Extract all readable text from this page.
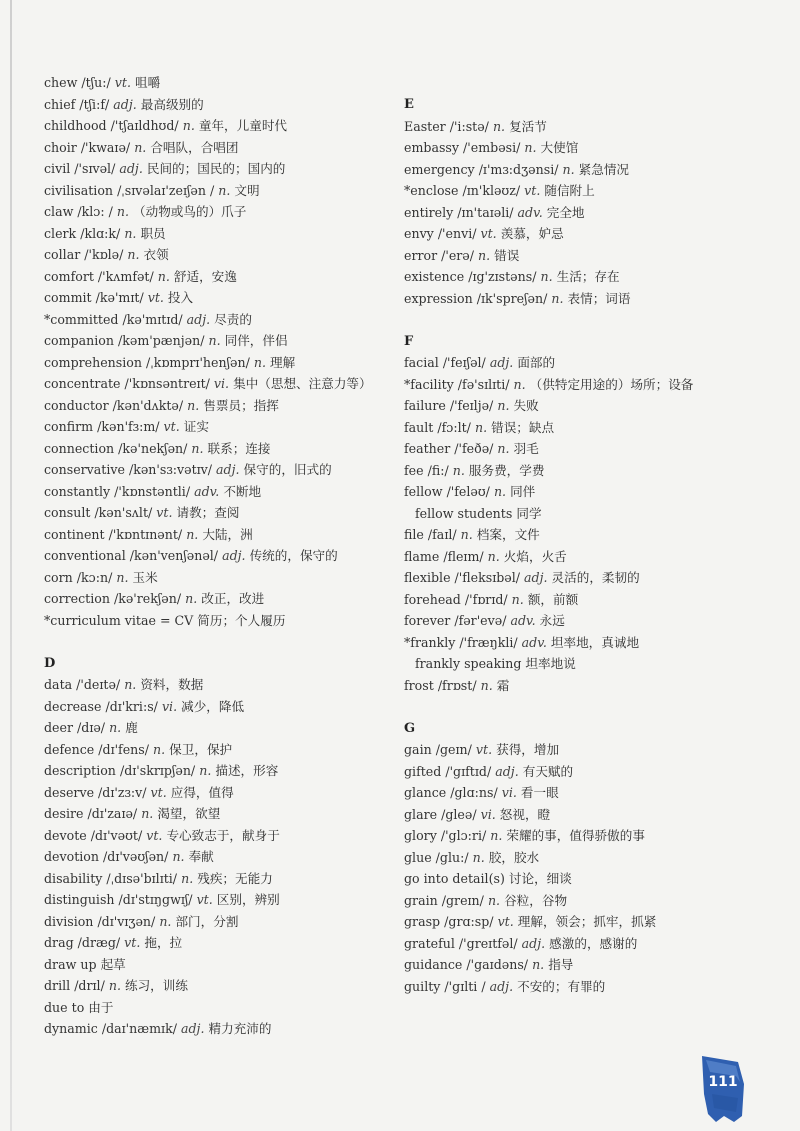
chew /tʃu:/ vt. 咀嚼
chief /tʃi:f/ adj. 最高级别的
childhood /'tʃaɪldhʊd/ n. 童年，儿童时代
choir /'kwaɪə/ n. 合唱队，合唱团
civil /'sɪvəl/ adj. 民间的；国民的；国内的
civilisation /ˌsɪvəlaɪ'zeɪʃən / n. 文明
claw /klɔ: / n. （动物或鸟的）爪子
clerk /klɑ:k/ n. 职员
collar /'kɒlə/ n. 衣领
comfort /'kʌmfət/ n. 舒适，安逸
commit /kə'mɪt/ vt. 投入
*committed /kə'mɪtɪd/ adj. 尽责的
companion /kəm'pænjən/ n. 同伴，伴侣
comprehension /ˌkɒmprɪ'henʃən/ n. 理解
concentrate /'kɒnsəntreɪt/ vi. 集中（思想、注意力等）
conductor /kən'dʌktə/ n. 售票员；指挥
confirm /kən'fɜ:m/ vt. 证实
connection /kə'nekʃən/ n. 联系；连接
conservative /kən'sɜ:vətɪv/ adj. 保守的，旧式的
constantly /'kɒnstəntli/ adv. 不断地
consult /kən'sʌlt/ vt. 请教；查阅
continent /'kɒntɪnənt/ n. 大陆，洲
conventional /kən'venʃənəl/ adj. 传统的，保守的
corn /kɔ:n/ n. 玉米
correction /kə'rekʃən/ n. 改正，改进
*curriculum vitae = CV 简历；个人履历
D
data /'deɪtə/ n. 资料，数据
decrease /dɪ'kri:s/ vi. 减少，降低
deer /dɪə/ n. 鹿
defence /dɪ'fens/ n. 保卫，保护
description /dɪ'skrɪpʃən/ n. 描述，形容
deserve /dɪ'zɜ:v/ vt. 应得，值得
desire /dɪ'zaɪə/ n. 渴望，欲望
devote /dɪ'vəʊt/ vt. 专心致志于，献身于
devotion /dɪ'vəʊʃən/ n. 奉献
disability /ˌdɪsə'bɪlɪti/ n. 残疾；无能力
distinguish /dɪ'stɪŋgwɪʃ/ vt. 区别，辨别
division /dɪ'vɪʒən/ n. 部门，分割
drag /dræg/ vt. 拖，拉
draw up 起草
drill /drɪl/ n. 练习，训练
due to 由于
dynamic /daɪ'næmɪk/ adj. 精力充沛的
E
Easter /'i:stə/ n. 复活节
embassy /'embəsi/ n. 大使馆
emergency /ɪ'mɜ:dʒənsi/ n. 紧急情况
*enclose /ɪn'kləʊz/ vt. 随信附上
entirely /ɪn'taɪəli/ adv. 完全地
envy /'envi/ vt. 羡慕，妒忌
error /'erə/ n. 错误
existence /ɪg'zɪstəns/ n. 生活；存在
expression /ɪk'spreʃən/ n. 表情；词语
F
facial /'feɪʃəl/ adj. 面部的
*facility /fə'sɪlɪti/ n. （供特定用途的）场所；设备
failure /'feɪljə/ n. 失败
fault /fɔ:lt/ n. 错误；缺点
feather /'feðə/ n. 羽毛
fee /fi:/ n. 服务费，学费
fellow /'feləʊ/ n. 同伴
fellow students 同学
file /faɪl/ n. 档案，文件
flame /fleɪm/ n. 火焰，火舌
flexible /'fleksɪbəl/ adj. 灵活的，柔韧的
forehead /'fɒrɪd/ n. 额，前额
forever /fər'evə/ adv. 永远
*frankly /'fræŋkli/ adv. 坦率地，真诚地
frankly speaking 坦率地说
frost /frɒst/ n. 霜
G
gain /geɪn/ vt. 获得，增加
gifted /'gɪftɪd/ adj. 有天赋的
glance /glɑ:ns/ vi. 看一眼
glare /gleə/ vi. 怒视，瞪
glory /'glɔ:ri/ n. 荣耀的事，值得骄傲的事
glue /glu:/ n. 胶，胶水
go into detail(s) 讨论，细谈
grain /greɪn/ n. 谷粒，谷物
grasp /grɑ:sp/ vt. 理解，领会；抓牢，抓紧
grateful /'greɪtfəl/ adj. 感激的，感谢的
guidance /'gaɪdəns/ n. 指导
guilty /'gɪlti / adj. 不安的；有罪的
111
